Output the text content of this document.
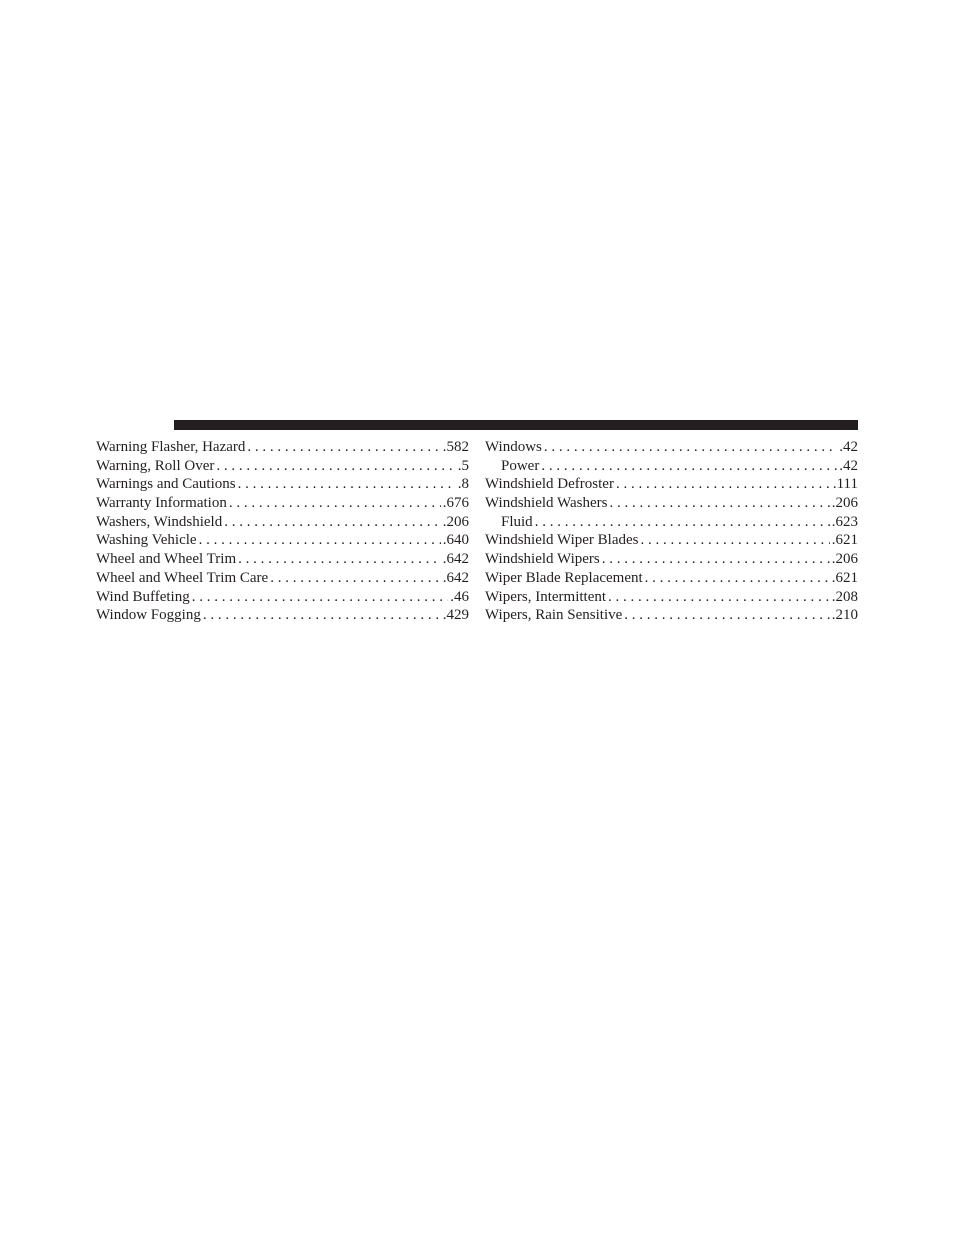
Warning Flasher, Hazard . . .	.582
Warning, Roll Over . . .	.5
Warnings and Cautions . . .	.8
Warranty Information . . .	.676
Washers, Windshield . . .	.206
Washing Vehicle . . .	.640
Wheel and Wheel Trim . . .	.642
Wheel and Wheel Trim Care . . .	.642
Wind Buffeting . . .	.46
Window Fogging . . .	.429
Windows . . .	.42
Power . . .	.42
Windshield Defroster . . .	.111
Windshield Washers . . .	.206
Fluid . . .	.623
Windshield Wiper Blades . . .	.621
Windshield Wipers . . .	.206
Wiper Blade Replacement . . .	.621
Wipers, Intermittent . . .	.208
Wipers, Rain Sensitive . . .	.210
